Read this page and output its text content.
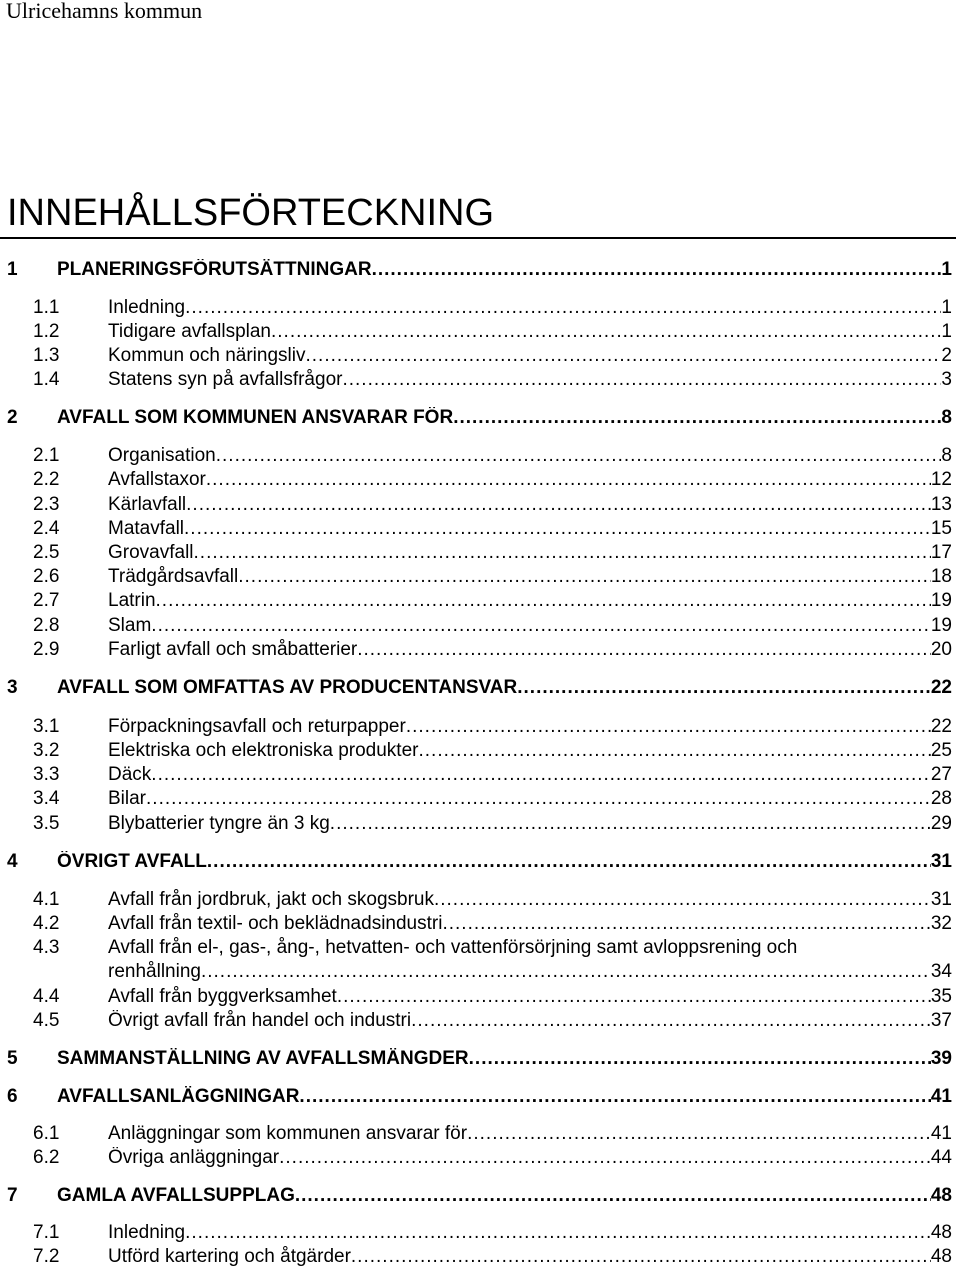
Ulricehamns kommun
INNEHÅLLSFÖRTECKNING
1 PLANERINGSFÖRUTSÄTTNINGAR .....	1
1.1	Inledning .....	1
1.2	Tidigare avfallsplan .....	1
1.3	Kommun och näringsliv .....	2
1.4	Statens syn på avfallsfrågor .....	3
2 AVFALL SOM KOMMUNEN ANSVARAR FÖR .....	8
2.1	Organisation .....	8
2.2	Avfallstaxor .....	12
2.3	Kärlavfall .....	13
2.4	Matavfall .....	15
2.5	Grovavfall .....	17
2.6	Trädgårdsavfall .....	18
2.7	Latrin .....	19
2.8	Slam .....	19
2.9	Farligt avfall och småbatterier .....	20
3 AVFALL SOM OMFATTAS AV PRODUCENTANSVAR .....	22
3.1	Förpackningsavfall och returpapper .....	22
3.2	Elektriska och elektroniska produkter .....	25
3.3	Däck .....	27
3.4	Bilar .....	28
3.5	Blybatterier tyngre än 3 kg .....	29
4 ÖVRIGT AVFALL .....	31
4.1	Avfall från jordbruk, jakt och skogsbruk .....	31
4.2	Avfall från textil- och beklädnadsindustri .....	32
4.3	Avfall från el-, gas-, ång-, hetvatten- och vattenförsörjning samt avloppsrening och
renhållning .....	34
4.4	Avfall från byggverksamhet .....	35
4.5	Övrigt avfall från handel och industri .....	37
5 SAMMANSTÄLLNING AV AVFALLSMÄNGDER .....	39
6 AVFALLSANLÄGGNINGAR .....	41
6.1	Anläggningar som kommunen ansvarar för .....	41
6.2	Övriga anläggningar .....	44
7 GAMLA AVFALLSUPPLAG .....	48
7.1	Inledning .....	48
7.2	Utförd kartering och åtgärder .....	48
